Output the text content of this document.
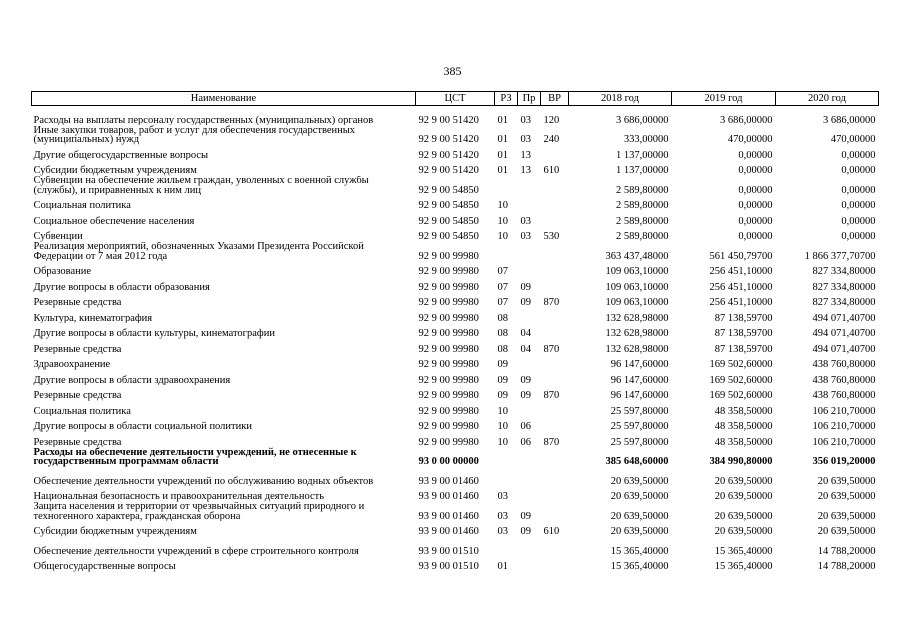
385
Наименование	ЦСТ	РЗ	Пр	ВР	2018 год	2019 год	2020 год
Расходы на выплаты персоналу государственных (муниципальных) органов	92 9 00 51420	01	03	120	3 686,00000	3 686,00000	3 686,00000
Иные закупки товаров, работ и услуг для обеспечения государственных (муниципальных) нужд	92 9 00 51420	01	03	240	333,00000	470,00000	470,00000
Другие общегосударственные вопросы	92 9 00 51420	01	13		1 137,00000	0,00000	0,00000
Субсидии бюджетным учреждениям	92 9 00 51420	01	13	610	1 137,00000	0,00000	0,00000
Субвенции на обеспечение жильем граждан, уволенных с военной службы (службы), и приравненных к ним лиц	92 9 00 54850				2 589,80000	0,00000	0,00000
Социальная политика	92 9 00 54850	10			2 589,80000	0,00000	0,00000
Социальное обеспечение населения	92 9 00 54850	10	03		2 589,80000	0,00000	0,00000
Субвенции	92 9 00 54850	10	03	530	2 589,80000	0,00000	0,00000
Реализация мероприятий, обозначенных Указами Президента Российской Федерации от 7 мая 2012 года	92 9 00 99980				363 437,48000	561 450,79700	1 866 377,70700
Образование	92 9 00 99980	07			109 063,10000	256 451,10000	827 334,80000
Другие вопросы в области образования	92 9 00 99980	07	09		109 063,10000	256 451,10000	827 334,80000
Резервные средства	92 9 00 99980	07	09	870	109 063,10000	256 451,10000	827 334,80000
Культура, кинематография	92 9 00 99980	08			132 628,98000	87 138,59700	494 071,40700
Другие вопросы в области культуры, кинематографии	92 9 00 99980	08	04		132 628,98000	87 138,59700	494 071,40700
Резервные средства	92 9 00 99980	08	04	870	132 628,98000	87 138,59700	494 071,40700
Здравоохранение	92 9 00 99980	09			96 147,60000	169 502,60000	438 760,80000
Другие вопросы в области здравоохранения	92 9 00 99980	09	09		96 147,60000	169 502,60000	438 760,80000
Резервные средства	92 9 00 99980	09	09	870	96 147,60000	169 502,60000	438 760,80000
Социальная политика	92 9 00 99980	10			25 597,80000	48 358,50000	106 210,70000
Другие вопросы в области социальной политики	92 9 00 99980	10	06		25 597,80000	48 358,50000	106 210,70000
Резервные средства	92 9 00 99980	10	06	870	25 597,80000	48 358,50000	106 210,70000
Расходы на обеспечение деятельности учреждений, не отнесенные к государственным программам области	93 0 00 00000				385 648,60000	384 990,80000	356 019,20000
Обеспечение деятельности учреждений по обслуживанию водных объектов	93 9 00 01460				20 639,50000	20 639,50000	20 639,50000
Национальная безопасность и правоохранительная деятельность	93 9 00 01460	03			20 639,50000	20 639,50000	20 639,50000
Защита населения и территории от чрезвычайных ситуаций природного и техногенного характера, гражданская оборона	93 9 00 01460	03	09		20 639,50000	20 639,50000	20 639,50000
Субсидии бюджетным учреждениям	93 9 00 01460	03	09	610	20 639,50000	20 639,50000	20 639,50000
Обеспечение деятельности учреждений в сфере строительного контроля	93 9 00 01510				15 365,40000	15 365,40000	14 788,20000
Общегосударственные вопросы	93 9 00 01510	01			15 365,40000	15 365,40000	14 788,20000
